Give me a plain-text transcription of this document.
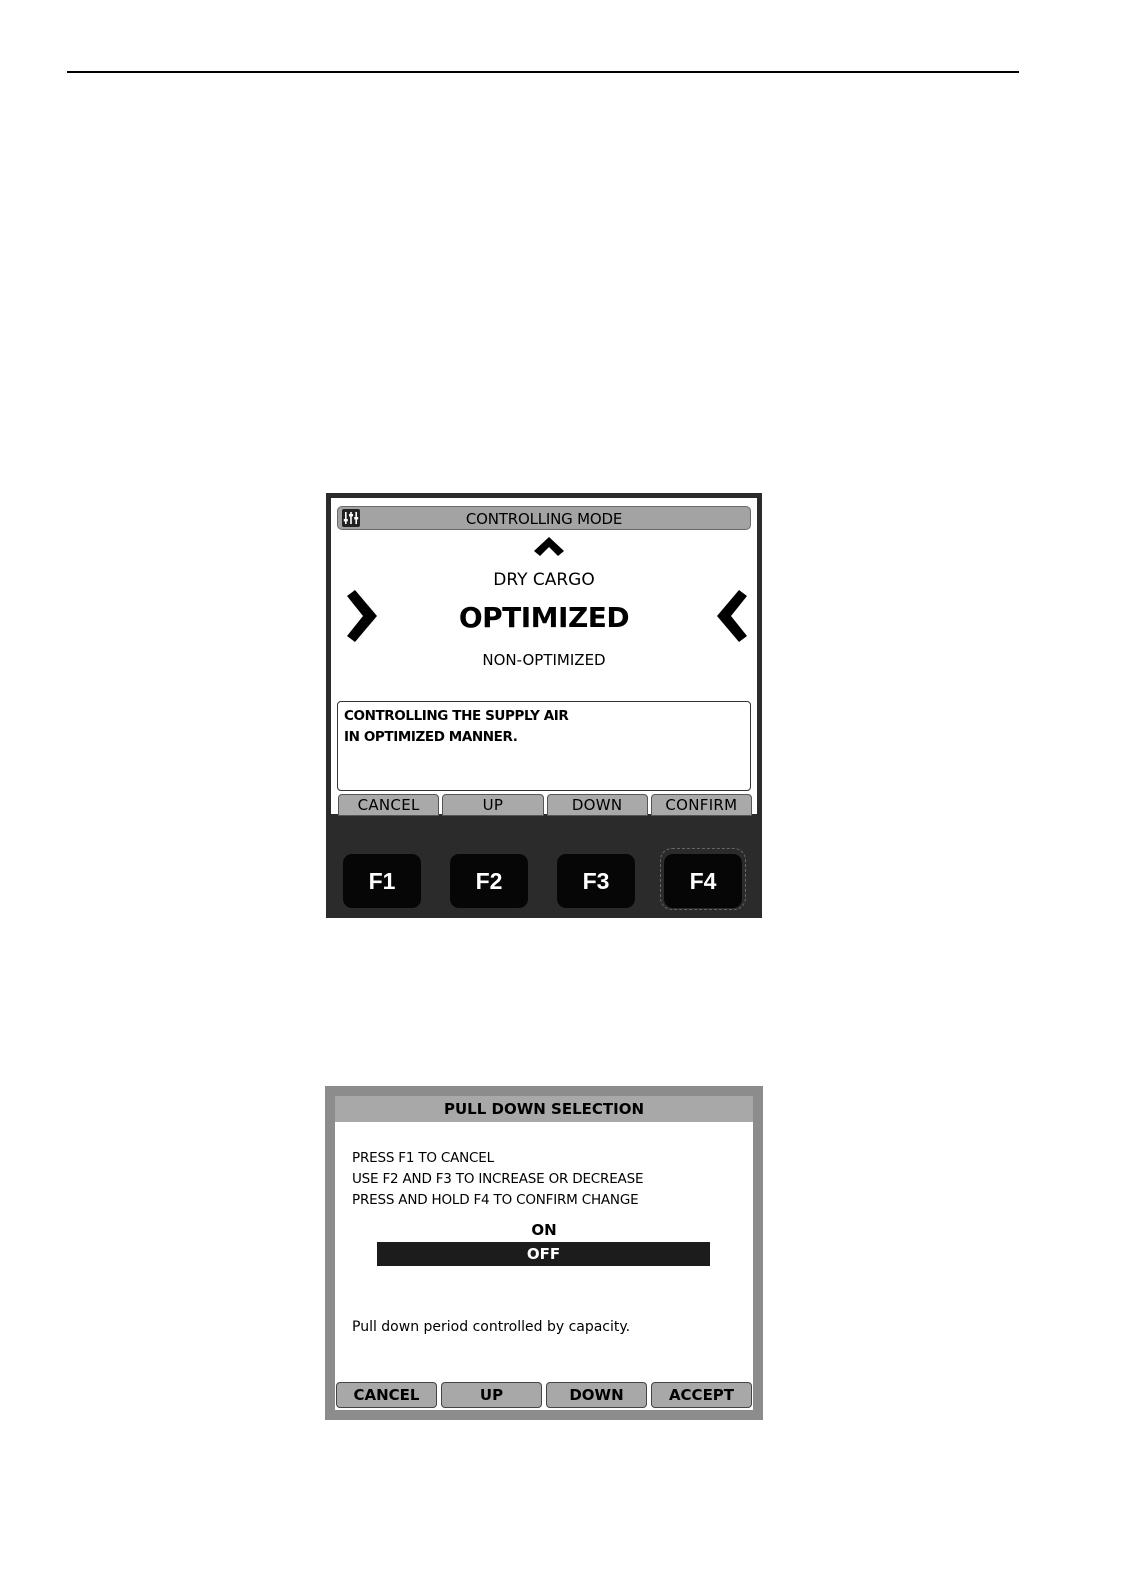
CONTROLLING MODE
DRY CARGO
OPTIMIZED
NON-OPTIMIZED
CONTROLLING THE SUPPLY AIR
IN OPTIMIZED MANNER.
CANCEL	UP	DOWN	CONFIRM
F1	F2	F3	F4
PULL DOWN SELECTION
PRESS F1 TO CANCEL
USE F2 AND F3 TO INCREASE OR DECREASE
PRESS AND HOLD F4 TO CONFIRM CHANGE
ON
OFF
Pull down period controlled by capacity.
CANCEL	UP	DOWN	ACCEPT
